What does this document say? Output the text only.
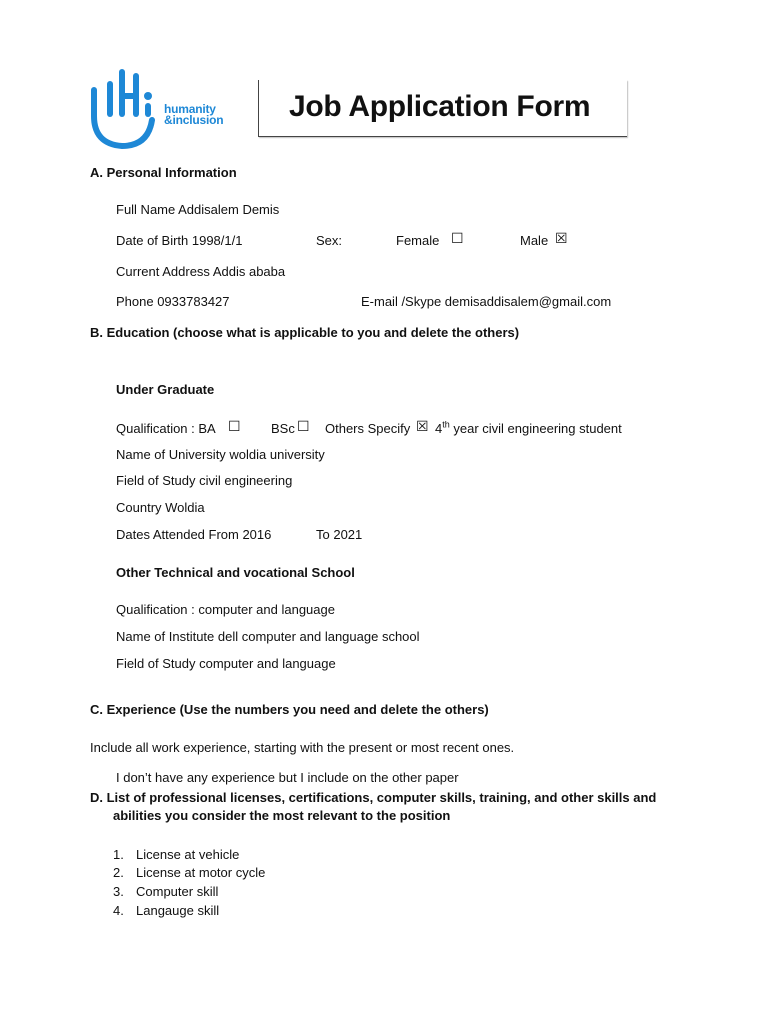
humanity
&inclusion Job Application Form
A. Personal Information
Full Name Addisalem Demis
Date of Birth 1998/1/1	Sex:	Female ☐	Male ☒
Current Address Addis ababa
Phone 0933783427	E-mail /Skype demisaddisalem@gmail.com
B. Education (choose what is applicable to you and delete the others)
Under Graduate
Qualification : BA ☐ BSc ☐ Others Specify ☒ 4th year civil engineering student
Name of University woldia university
Field of Study civil engineering
Country Woldia
Dates Attended From 2016	To 2021
Other Technical and vocational School
Qualification : computer and language
Name of Institute dell computer and language school
Field of Study computer and language
C. Experience (Use the numbers you need and delete the others)
Include all work experience, starting with the present or most recent ones.
I don’t have any experience but I include on the other paper
D. List of professional licenses, certifications, computer skills, training, and other skills and
abilities you consider the most relevant to the position
1. License at vehicle
2. License at motor cycle
3. Computer skill
4. Langauge skill
